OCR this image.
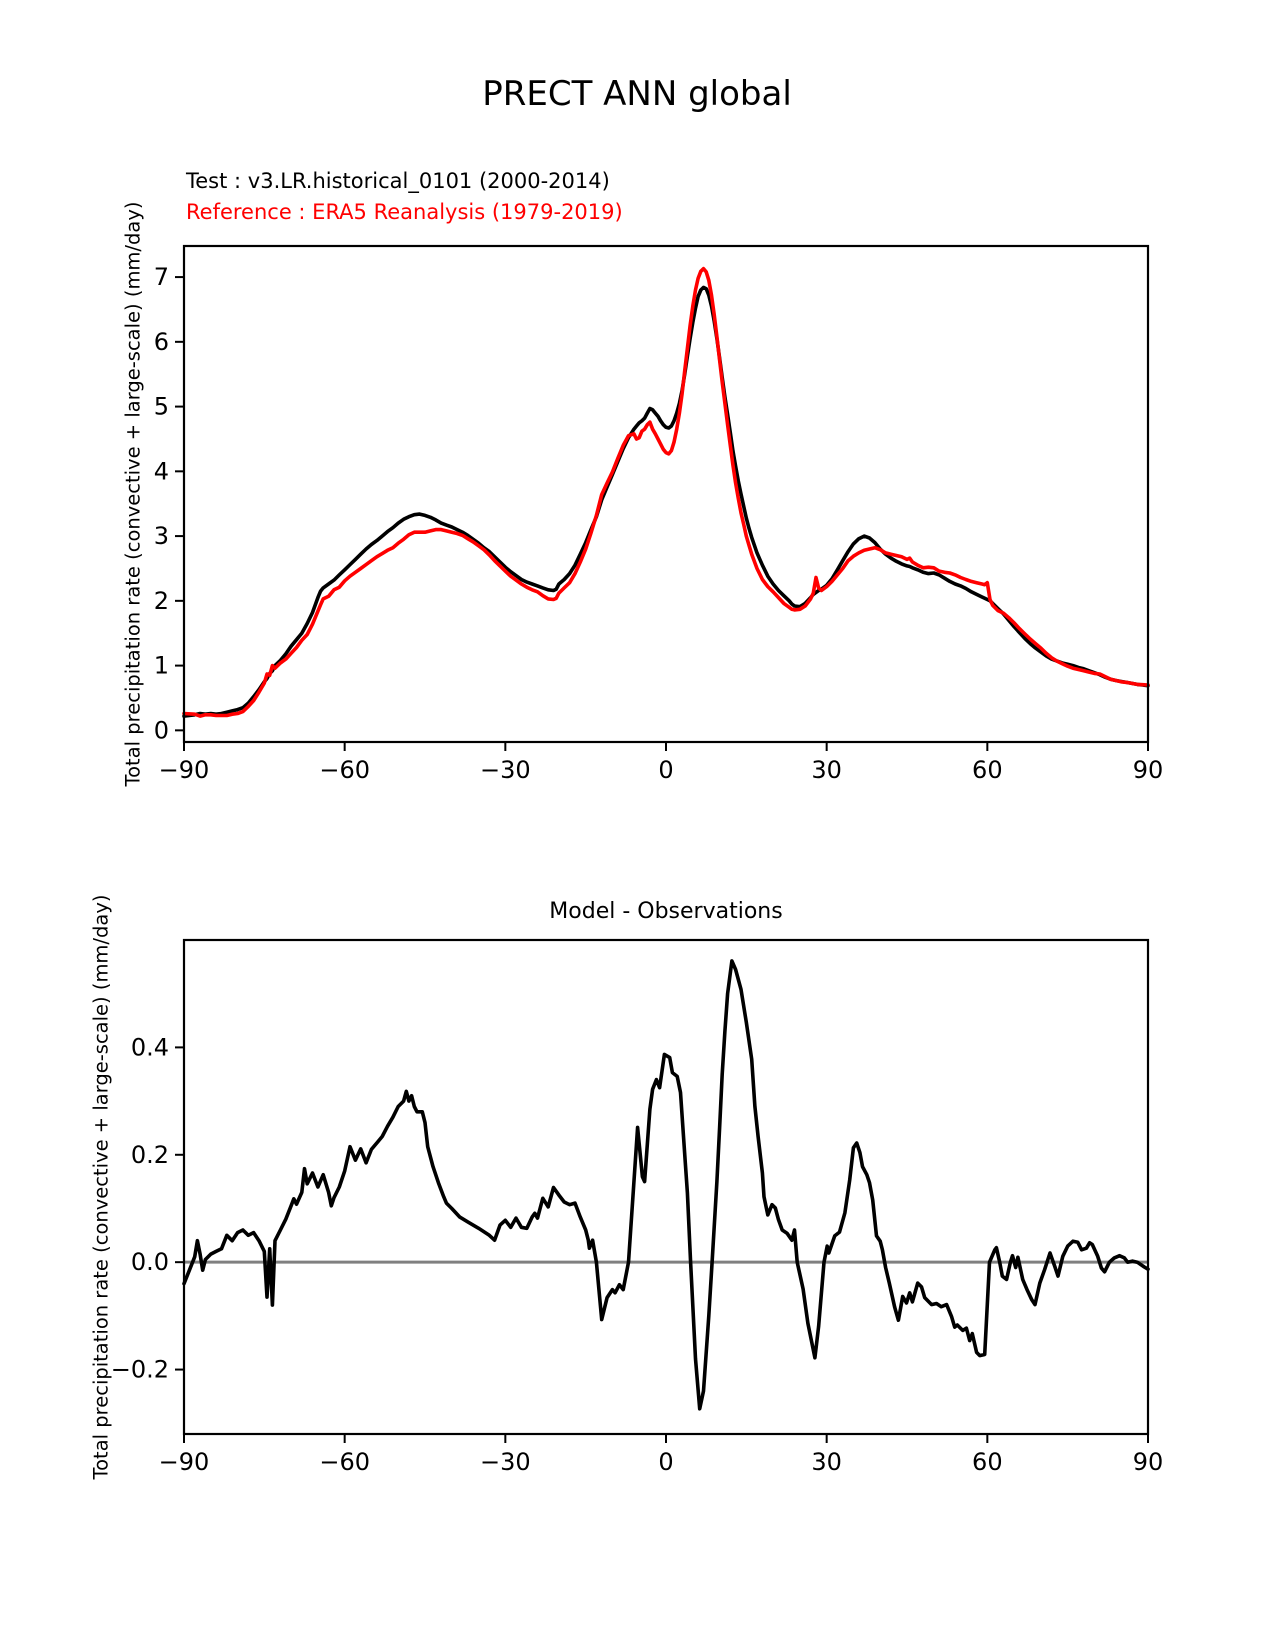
−90	−60	−30	0	30	60	90
0
1
2
3
4
5
6
7
−90	−60	−30	0	30	60	90
−0.2
0.0
0.2
0.4
PRECT ANN global
Test : v3.LR.historical_0101 (2000-2014)
Reference : ERA5 Reanalysis (1979-2019)
Total precipitation rate (convective + large-scale) (mm/day)
Model - Observations
Total precipitation rate (convective + large-scale) (mm/day)
